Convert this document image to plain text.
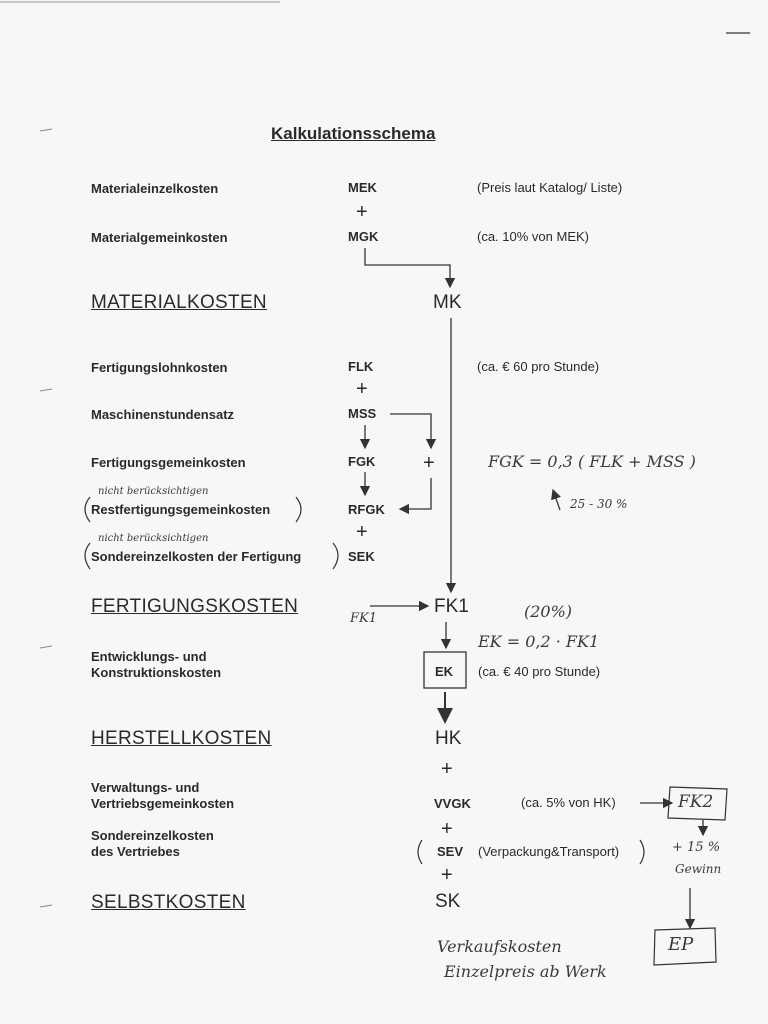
Kalkulationsschema
Materialeinzelkosten	MEK	(Preis laut Katalog/ Liste)
+
Materialgemeinkosten	MGK	(ca. 10% von MEK)
MATERIALKOSTEN	MK
Fertigungslohnkosten	FLK	(ca. € 60 pro Stunde)
+
Maschinenstundensatz	MSS
Fertigungsgemeinkosten	FGK +	FGK = 0,3 ( FLK + MSS )
25 - 30 %
nicht berücksichtigen
Restfertigungsgemeinkosten	RFGK
+
nicht berücksichtigen
Sondereinzelkosten der Fertigung	SEK
FERTIGUNGSKOSTEN	FK1
FK1	(20%)
EK = 0,2 · FK1
Entwicklungs- und
Konstruktionskosten	EK (ca. € 40 pro Stunde)
HERSTELLKOSTEN	HK
+
Verwaltungs- und
Vertriebsgemeinkosten	VVGK	(ca. 5% von HK)	FK2
+
+ 15 %
Gewinn
Sondereinzelkosten
des Vertriebes	SEV (Verpackung&Transport)
+
SELBSTKOSTEN	SK
EP
Verkaufskosten
Einzelpreis ab Werk
